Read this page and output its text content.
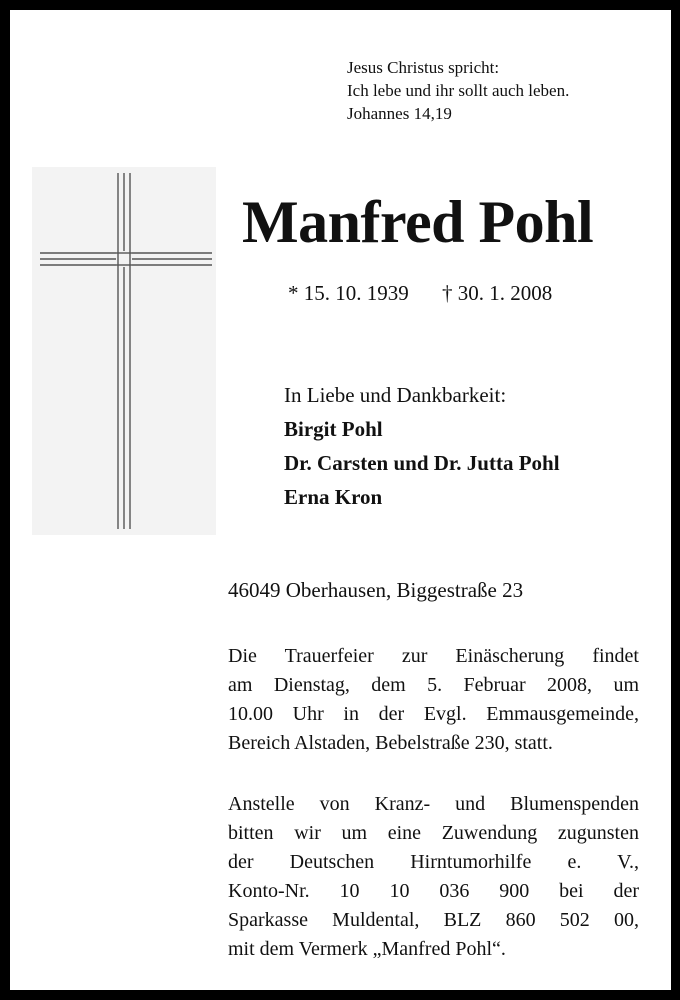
Jesus Christus spricht:
Ich lebe und ihr sollt auch leben.
Johannes 14,19
Manfred Pohl
* 15. 10. 1939 † 30. 1. 2008
In Liebe und Dankbarkeit:
Birgit Pohl
Dr. Carsten und Dr. Jutta Pohl
Erna Kron
46049 Oberhausen, Biggestraße 23
Die Trauerfeier zur Einäscherung findet
am Dienstag, dem 5. Februar 2008, um
10.00 Uhr in der Evgl. Emmausgemeinde,
Bereich Alstaden, Bebelstraße 230, statt.
Anstelle von Kranz- und Blumenspenden
bitten wir um eine Zuwendung zugunsten
der Deutschen Hirntumorhilfe e. V.,
Konto-Nr. 10 10 036 900 bei der
Sparkasse Muldental, BLZ 860 502 00,
mit dem Vermerk „Manfred Pohl“.
